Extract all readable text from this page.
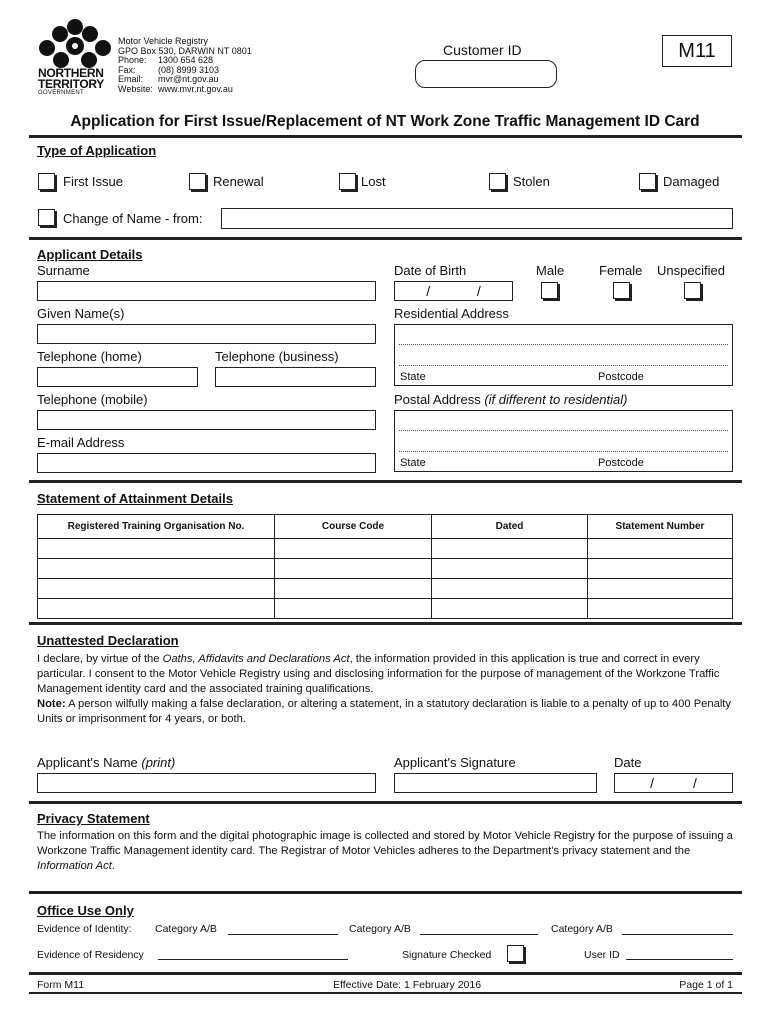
NORTHERN
TERRITORY
GOVERNMENT
Motor Vehicle Registry
GPO Box 530, DARWIN NT 0801
Phone: 1300 654 628
Fax: (08) 8999 3103
Email: mvr@nt.gov.au
Website: www.mvr.nt.gov.au
Customer ID	M11
Application for First Issue/Replacement of NT Work Zone Traffic Management ID Card
Type of Application
First Issue	Renewal	Lost	Stolen	Damaged
Change of Name - from:
Applicant Details
Surname	Date of Birth
/            /
Male	Female Unspecified
Given Name(s)	Residential Address
State	Postcode
Telephone (home)	Telephone (business)
Telephone (mobile)	Postal Address (if different to residential)
State	Postcode
E-mail Address
Statement of Attainment Details
Registered Training Organisation No.	Course Code	Dated	Statement Number

Unattested Declaration
I declare, by virtue of the Oaths, Affidavits and Declarations Act, the information provided in this application is true and correct in every particular. I consent to the Motor Vehicle Registry using and disclosing information for the purpose of management of the Workzone Traffic Management identity card and the associated training qualifications.
Note: A person wilfully making a false declaration, or altering a statement, in a statutory declaration is liable to a penalty of up to 400 Penalty Units or imprisonment for 4 years, or both.
Applicant's Name (print)	Applicant's Signature	Date
/          /
Privacy Statement
The information on this form and the digital photographic image is collected and stored by Motor Vehicle Registry for the purpose of issuing a Workzone Traffic Management identity card. The Registrar of Motor Vehicles adheres to the Department's privacy statement and the Information Act.
Office Use Only
Evidence of Identity: Category A/B	Category A/B	Category A/B
Evidence of Residency	Signature Checked	User ID
Form M11	Effective Date: 1 February 2016	Page 1 of 1
